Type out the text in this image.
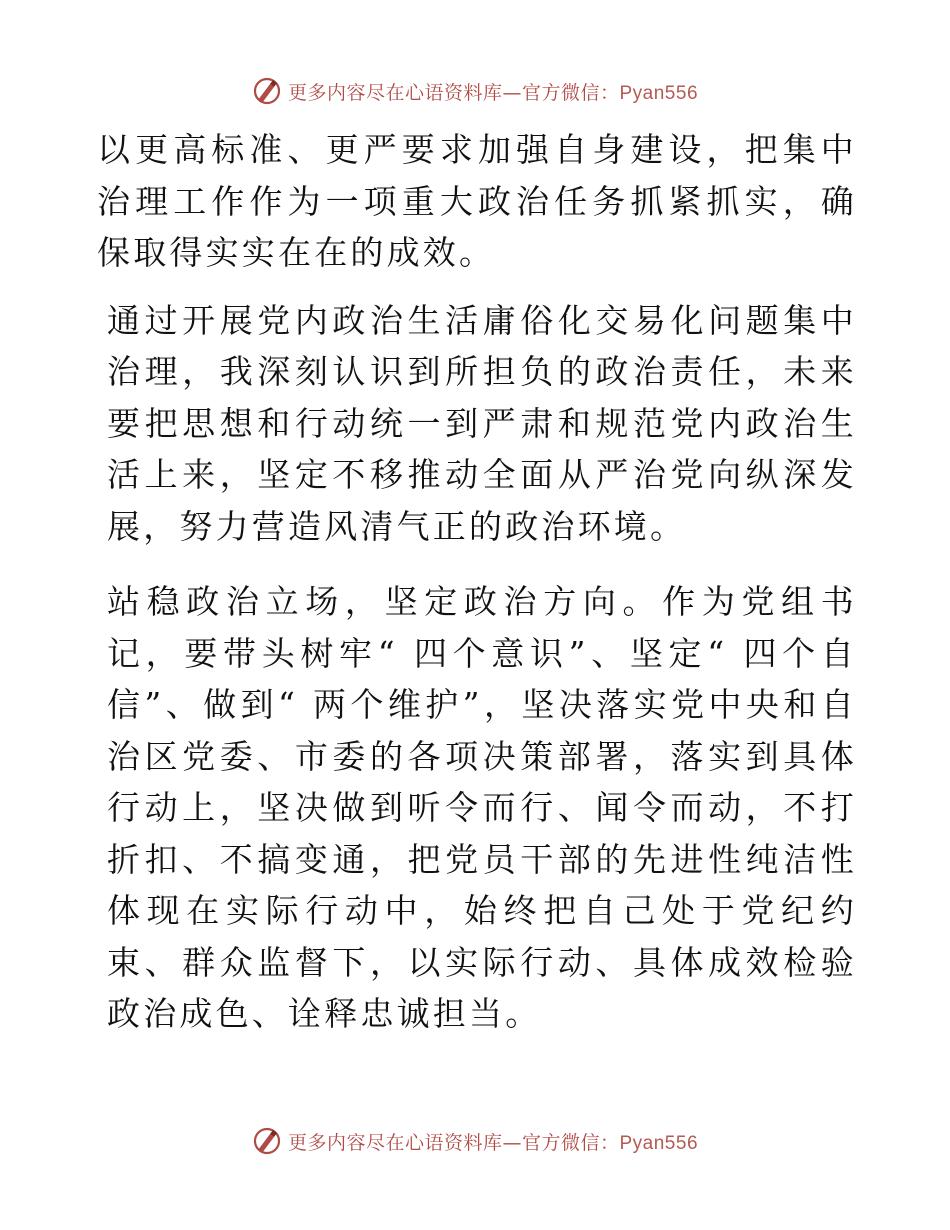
更多内容尽在心语资料库—官方微信：Pyan556

以更高标准、更严要求加强自身建设，把集中治理工作作为一项重大政治任务抓紧抓实，确保取得实实在在的成效。

通过开展党内政治生活庸俗化交易化问题集中治理，我深刻认识到所担负的政治责任，未来要把思想和行动统一到严肃和规范党内政治生活上来，坚定不移推动全面从严治党向纵深发展，努力营造风清气正的政治环境。

站稳政治立场，坚定政治方向。作为党组书记，要带头树牢“ 四个意识”、坚定“ 四个自信”、做到“ 两个维护”，坚决落实党中央和自治区党委、市委的各项决策部署，落实到具体行动上，坚决做到听令而行、闻令而动，不打折扣、不搞变通，把党员干部的先进性纯洁性体现在实际行动中，始终把自己处于党纪约束、群众监督下，以实际行动、具体成效检验政治成色、诠释忠诚担当。

更多内容尽在心语资料库—官方微信：Pyan556
